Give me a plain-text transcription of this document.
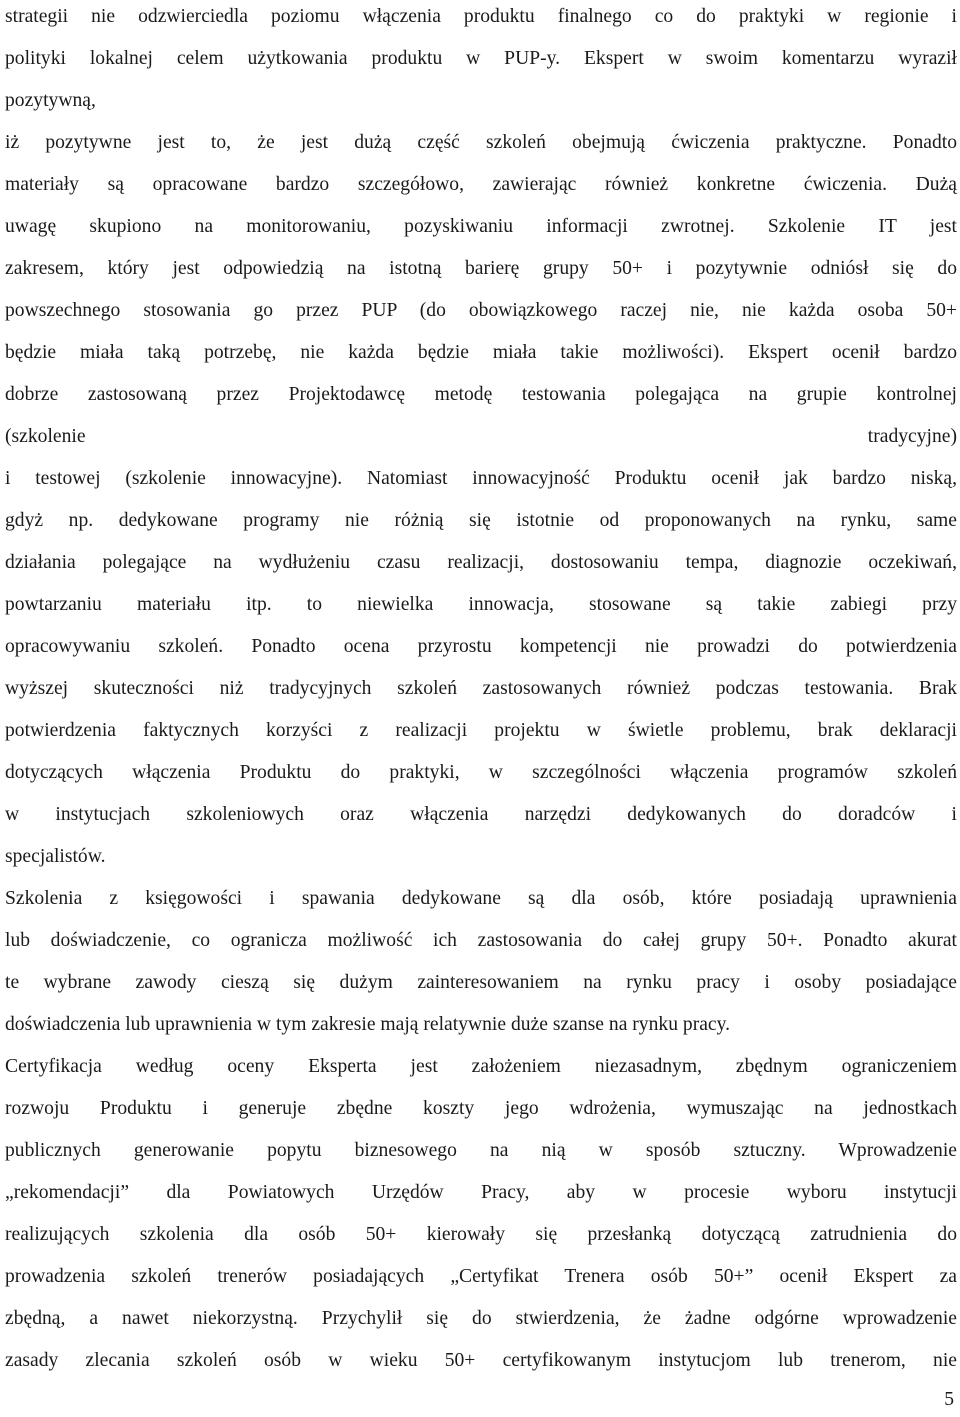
strategii nie odzwierciedla poziomu włączenia produktu finalnego co do praktyki w regionie i
polityki lokalnej celem użytkowania produktu w PUP-y. Ekspert w swoim komentarzu wyraził
pozytywną,
iż pozytywne jest to, że jest dużą część szkoleń obejmują ćwiczenia praktyczne. Ponadto
materiały są opracowane bardzo szczegółowo, zawierając również konkretne ćwiczenia. Dużą
uwagę skupiono na monitorowaniu, pozyskiwaniu informacji zwrotnej. Szkolenie IT jest
zakresem, który jest odpowiedzią na istotną barierę grupy 50+ i pozytywnie odniósł się do
powszechnego stosowania go przez PUP (do obowiązkowego raczej nie, nie każda osoba 50+
będzie miała taką potrzebę, nie każda będzie miała takie możliwości). Ekspert ocenił bardzo
dobrze zastosowaną przez Projektodawcę metodę testowania polegająca na grupie kontrolnej
(szkolenie tradycyjne)
i testowej (szkolenie innowacyjne). Natomiast innowacyjność Produktu ocenił jak bardzo niską,
gdyż np. dedykowane programy nie różnią się istotnie od proponowanych na rynku, same
działania polegające na wydłużeniu czasu realizacji, dostosowaniu tempa, diagnozie oczekiwań,
powtarzaniu materiału itp. to niewielka innowacja, stosowane są takie zabiegi przy
opracowywaniu szkoleń. Ponadto ocena przyrostu kompetencji nie prowadzi do potwierdzenia
wyższej skuteczności niż tradycyjnych szkoleń zastosowanych również podczas testowania. Brak
potwierdzenia faktycznych korzyści z realizacji projektu w świetle problemu, brak deklaracji
dotyczących włączenia Produktu do praktyki, w szczególności włączenia programów szkoleń
w instytucjach szkoleniowych oraz włączenia narzędzi dedykowanych do doradców i
specjalistów.
Szkolenia z księgowości i spawania dedykowane są dla osób, które posiadają uprawnienia
lub doświadczenie, co ogranicza możliwość ich zastosowania do całej grupy 50+. Ponadto akurat
te wybrane zawody cieszą się dużym zainteresowaniem na rynku pracy i osoby posiadające
doświadczenia lub uprawnienia w tym zakresie mają relatywnie duże szanse na rynku pracy.
Certyfikacja według oceny Eksperta jest założeniem niezasadnym, zbędnym ograniczeniem
rozwoju Produktu i generuje zbędne koszty jego wdrożenia, wymuszając na jednostkach
publicznych generowanie popytu biznesowego na nią w sposób sztuczny. Wprowadzenie
„rekomendacji” dla Powiatowych Urzędów Pracy, aby w procesie wyboru instytucji
realizujących szkolenia dla osób 50+ kierowały się przesłanką dotyczącą zatrudnienia do
prowadzenia szkoleń trenerów posiadających „Certyfikat Trenera osób 50+” ocenił Ekspert za
zbędną, a nawet niekorzystną. Przychylił się do stwierdzenia, że żadne odgórne wprowadzenie
zasady zlecania szkoleń osób w wieku 50+ certyfikowanym instytucjom lub trenerom, nie
5
